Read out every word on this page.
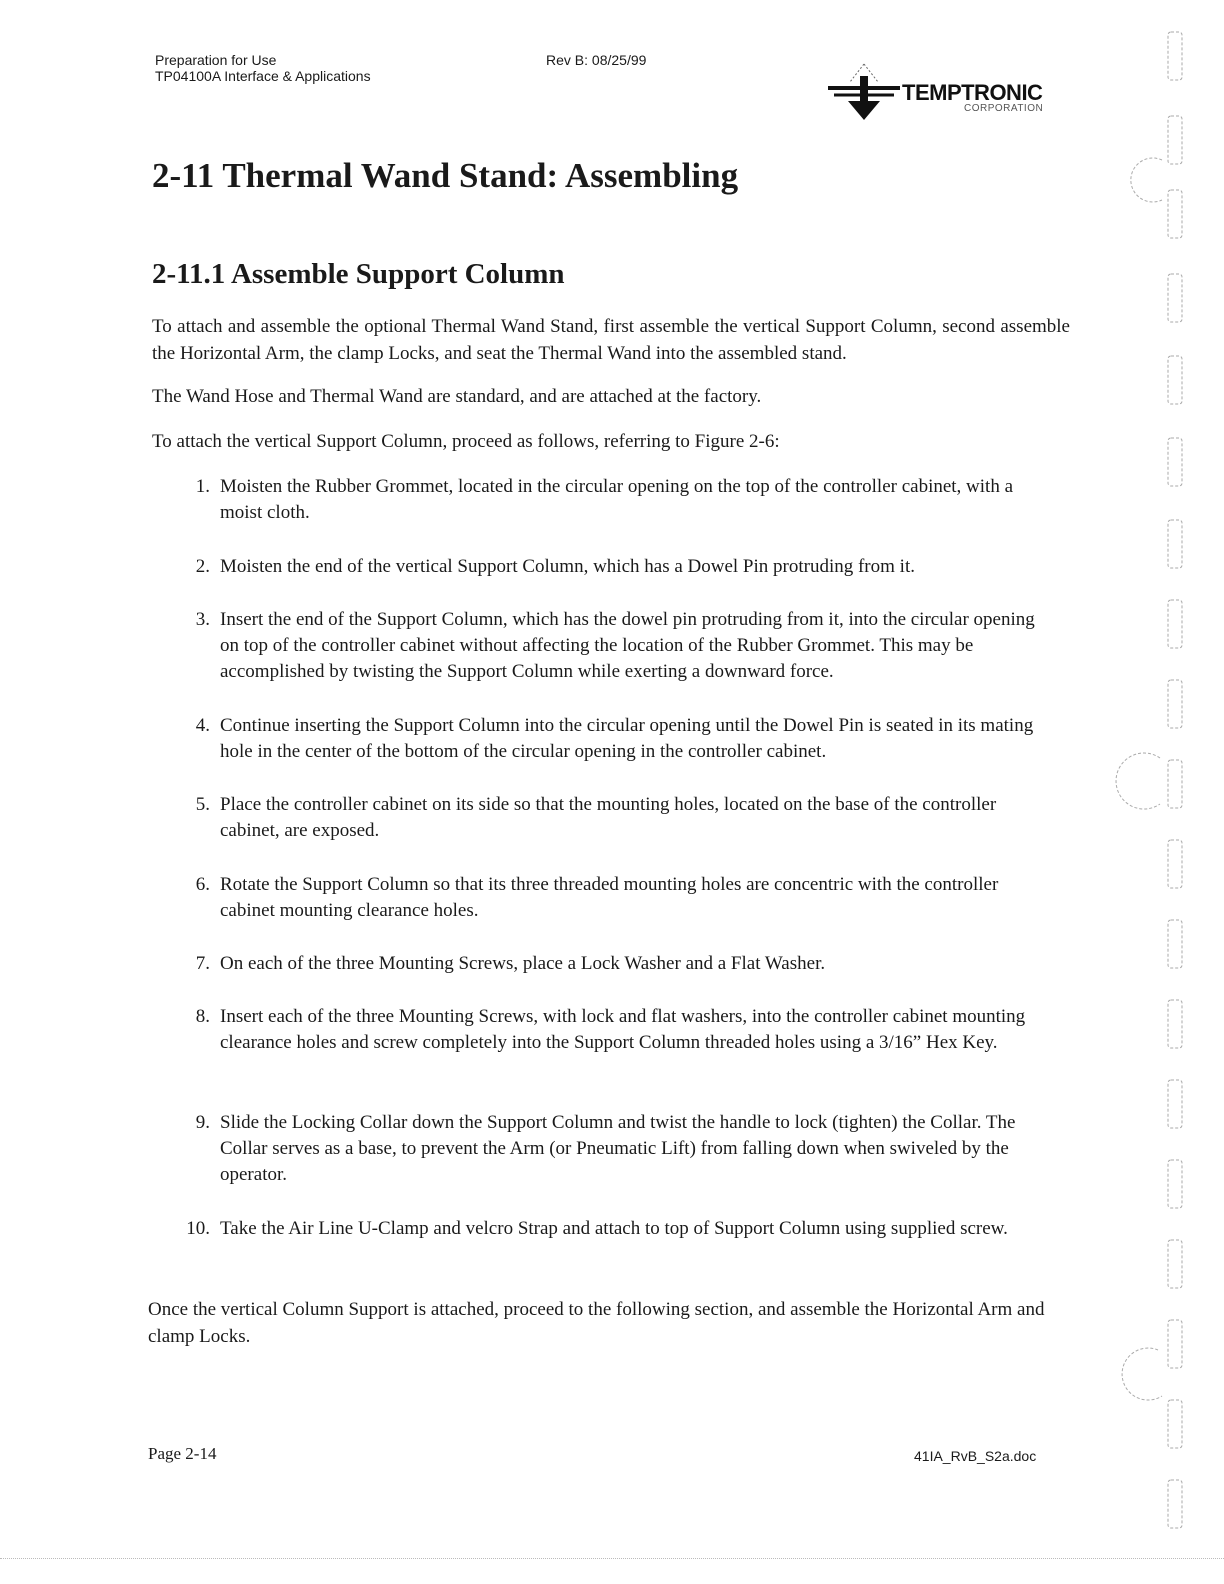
Preparation for Use
TP04100A Interface & Applications
Rev B: 08/25/99
TEMPTRONIC
CORPORATION
2-11 Thermal Wand Stand: Assembling
2-11.1 Assemble Support Column

To attach and assemble the optional Thermal Wand Stand, first assemble the vertical Support Column, second assemble the Horizontal Arm, the clamp Locks, and seat the Thermal Wand into the assembled stand.

The Wand Hose and Thermal Wand are standard, and are attached at the factory.

To attach the vertical Support Column, proceed as follows, referring to Figure 2-6:

1. Moisten the Rubber Grommet, located in the circular opening on the top of the controller cabinet, with a moist cloth.
2. Moisten the end of the vertical Support Column, which has a Dowel Pin protruding from it.
3. Insert the end of the Support Column, which has the dowel pin protruding from it, into the circular opening on top of the controller cabinet without affecting the location of the Rubber Grommet. This may be accomplished by twisting the Support Column while exerting a downward force.
4. Continue inserting the Support Column into the circular opening until the Dowel Pin is seated in its mating hole in the center of the bottom of the circular opening in the controller cabinet.
5. Place the controller cabinet on its side so that the mounting holes, located on the base of the controller cabinet, are exposed.
6. Rotate the Support Column so that its three threaded mounting holes are concentric with the controller cabinet mounting clearance holes.
7. On each of the three Mounting Screws, place a Lock Washer and a Flat Washer.
8. Insert each of the three Mounting Screws, with lock and flat washers, into the controller cabinet mounting clearance holes and screw completely into the Support Column threaded holes using a 3/16” Hex Key.
9. Slide the Locking Collar down the Support Column and twist the handle to lock (tighten) the Collar. The Collar serves as a base, to prevent the Arm (or Pneumatic Lift) from falling down when swiveled by the operator.
10. Take the Air Line U-Clamp and velcro Strap and attach to top of Support Column using supplied screw.

Once the vertical Column Support is attached, proceed to the following section, and assemble the Horizontal Arm and clamp Locks.

Page 2-14	41IA_RvB_S2a.doc
